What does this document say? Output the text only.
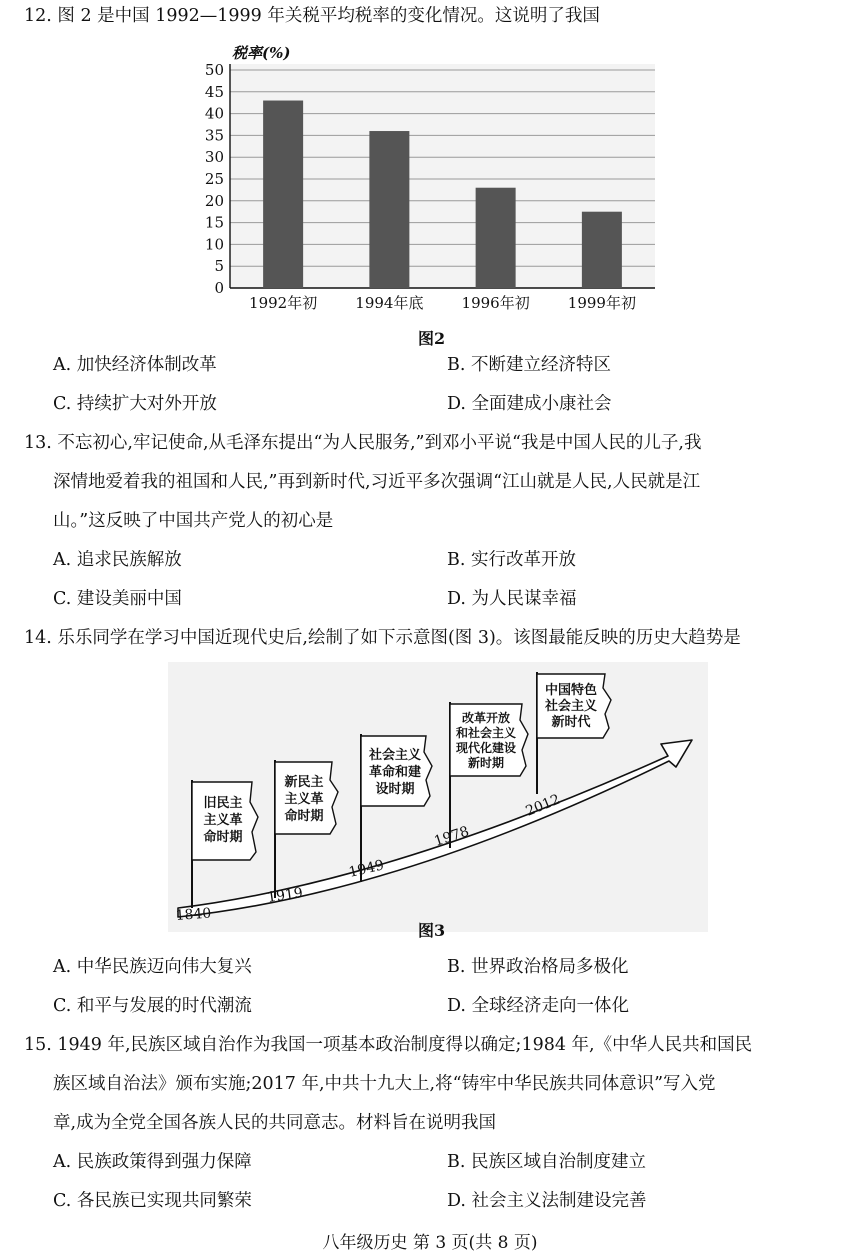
12. 图 2 是中国 1992—1999 年关税平均税率的变化情况。这说明了我国
0
5
10
15
20
25
30
35
40
45
50
1992年初	1994年底	1996年初	1999年初
税率(%)
图2
A. 加快经济体制改革	B. 不断建立经济特区
C. 持续扩大对外开放	D. 全面建成小康社会
13. 不忘初心,牢记使命,从毛泽东提出“为人民服务,”到邓小平说“我是中国人民的儿子,我
深情地爱着我的祖国和人民,”再到新时代,习近平多次强调“江山就是人民,人民就是江
山。”这反映了中国共产党人的初心是
A. 追求民族解放	B. 实行改革开放
C. 建设美丽中国	D. 为人民谋幸福
14. 乐乐同学在学习中国近现代史后,绘制了如下示意图(图 3)。该图最能反映的历史大趋势是
旧民主
主义革
命时期
新民主
主义革
命时期
社会主义
革命和建
设时期
改革开放
和社会主义
现代化建设
新时期
中国特色
社会主义
新时代
1840
1919
1949
1978
2012
图3
A. 中华民族迈向伟大复兴	B. 世界政治格局多极化
C. 和平与发展的时代潮流	D. 全球经济走向一体化
15. 1949 年,民族区域自治作为我国一项基本政治制度得以确定;1984 年,《中华人民共和国民
族区域自治法》颁布实施;2017 年,中共十九大上,将“铸牢中华民族共同体意识”写入党
章,成为全党全国各族人民的共同意志。材料旨在说明我国
A. 民族政策得到强力保障	B. 民族区域自治制度建立
C. 各民族已实现共同繁荣	D. 社会主义法制建设完善
八年级历史 第 3 页(共 8 页)
